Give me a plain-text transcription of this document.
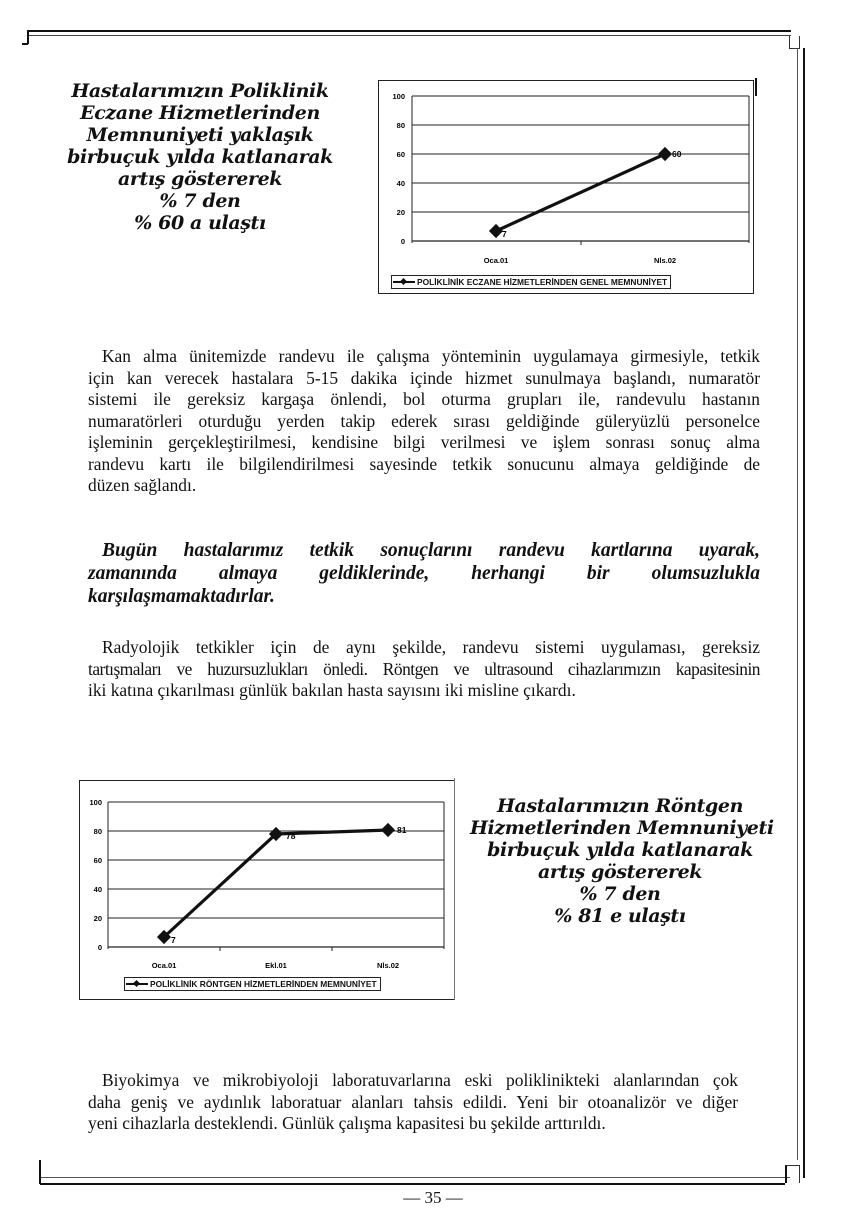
Hastalarımızın Poliklinik
Eczane Hizmetlerinden
Memnuniyeti yaklaşık
birbuçuk yılda katlanarak
artış göstererek
% 7 den
% 60 a ulaştı
100
80
60
40
20
0
Oca.01	Nls.02
7
60
POLİKLİNİK ECZANE HİZMETLERİNDEN GENEL MEMNUNİYET
Kan alma ünitemizde randevu ile çalışma yönteminin uygulamaya girmesiyle, tetkik
için kan verecek hastalara 5-15 dakika içinde hizmet sunulmaya başlandı, numaratör
sistemi ile gereksiz kargaşa önlendi, bol oturma grupları ile, randevulu hastanın
numaratörleri oturduğu yerden takip ederek sırası geldiğinde güleryüzlü personelce
işleminin gerçekleştirilmesi, kendisine bilgi verilmesi ve işlem sonrası sonuç alma
randevu kartı ile bilgilendirilmesi sayesinde tetkik sonucunu almaya geldiğinde de
düzen sağlandı.
Bugün hastalarımız tetkik sonuçlarını randevu kartlarına uyarak,
zamanında almaya geldiklerinde, herhangi bir olumsuzlukla
karşılaşmamaktadırlar.
Radyolojik tetkikler için de aynı şekilde, randevu sistemi uygulaması, gereksiz
tartışmaları ve huzursuzlukları önledi. Röntgen ve ultrasound cihazlarımızın kapasitesinin
iki katına çıkarılması günlük bakılan hasta sayısını iki misline çıkardı.
100
80
60
40
20
0
Oca.01	Ekl.01	Nls.02
7
78
81
POLİKLİNİK RÖNTGEN HİZMETLERİNDEN MEMNUNİYET
Hastalarımızın Röntgen
Hizmetlerinden Memnuniyeti
birbuçuk yılda katlanarak
artış göstererek
% 7 den
% 81 e ulaştı
Biyokimya ve mikrobiyoloji laboratuvarlarına eski poliklinikteki alanlarından çok
daha geniş ve aydınlık laboratuar alanları tahsis edildi. Yeni bir otoanalizör ve diğer
yeni cihazlarla desteklendi. Günlük çalışma kapasitesi bu şekilde arttırıldı.
— 35 —
